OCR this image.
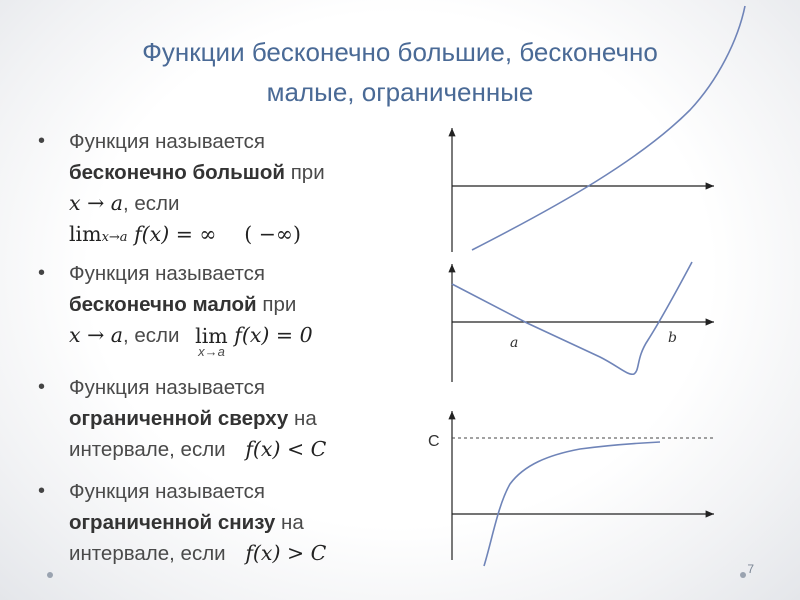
Функции бесконечно большие, бесконечно
малые, ограниченные
• Функция называется
бесконечно большой при
x → a, если
limx→a f(x) = ∞ ( −∞)
• Функция называется
бесконечно малой при
x → a, если lim
x→a
f(x) = 0
• Функция называется
ограниченной сверху на
интервале, если f(x) < C
• Функция называется
ограниченной снизу на
интервале, если f(x) > C
a	b
C
7
